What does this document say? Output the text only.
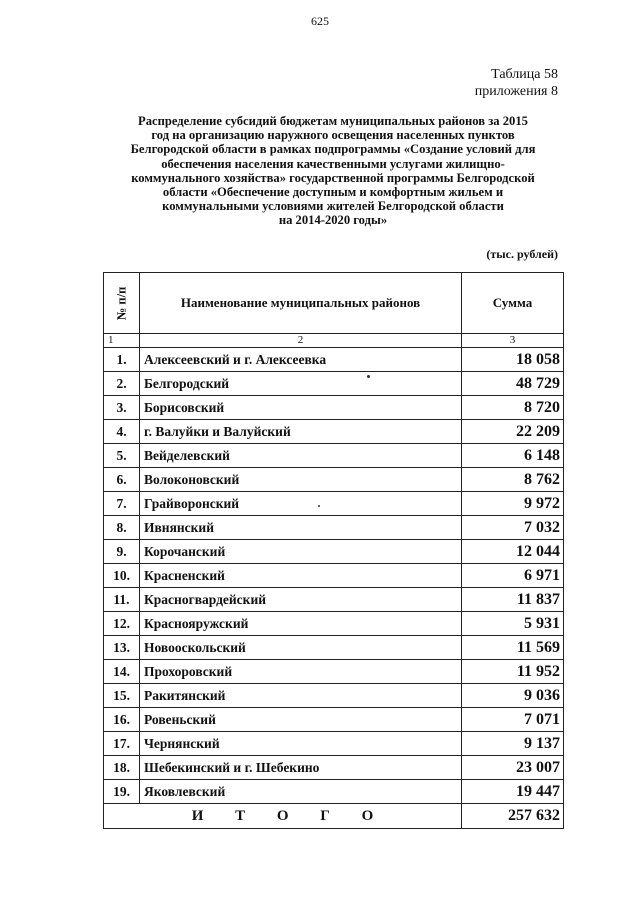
625
Таблица 58
приложения 8
Распределение субсидий бюджетам муниципальных районов за 2015
год на организацию наружного освещения населенных пунктов
Белгородской области в рамках подпрограммы «Создание условий для
обеспечения населения качественными услугами жилищно-
коммунального хозяйства» государственной программы Белгородской
области «Обеспечение доступным и комфортным жильем и
коммунальными условиями жителей Белгородской области
на 2014-2020 годы»
(тыс. рублей)
№ п/п	Наименование муниципальных районов	Сумма
1	2	3
1.	Алексеевский и г. Алексеевка	18 058
2.	Белгородский	48 729
3.	Борисовский	8 720
4.	г. Валуйки и Валуйский	22 209
5.	Вейделевский	6 148
6.	Волоконовский	8 762
7.	Грайворонский	9 972
8.	Ивнянский	7 032
9.	Корочанский	12 044
10.	Красненский	6 971
11.	Красногвардейский	11 837
12.	Краснояружский	5 931
13.	Новооскольский	11 569
14.	Прохоровский	11 952
15.	Ракитянский	9 036
16.	Ровеньский	7 071
17.	Чернянский	9 137
18.	Шебекинский и г. Шебекино	23 007
19.	Яковлевский	19 447
И Т О Г О		257 632
